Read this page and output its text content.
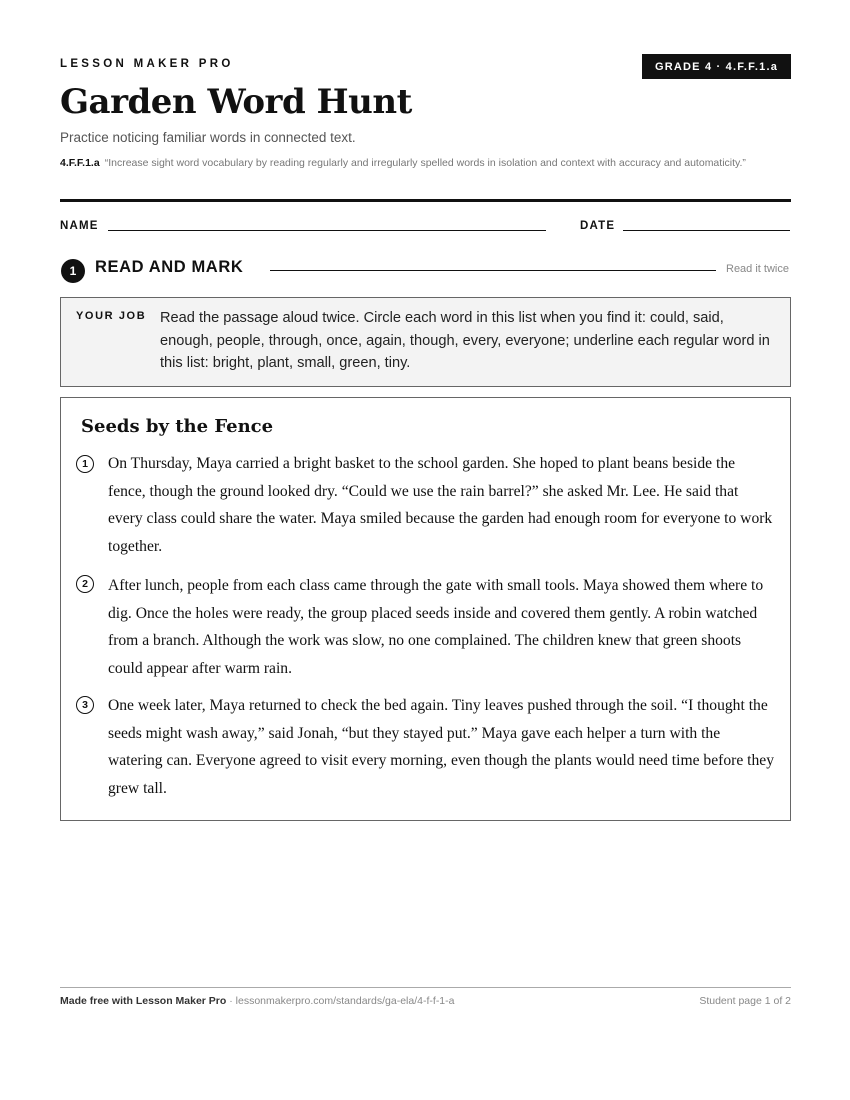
LESSON MAKER PRO	GRADE 4 · 4.F.F.1.a
Garden Word Hunt
Practice noticing familiar words in connected text.
4.F.F.1.a “Increase sight word vocabulary by reading regularly and irregularly spelled words in isolation and context with accuracy and automaticity.”
NAME	DATE
1	READ AND MARK	Read it twice
YOUR JOB Read the passage aloud twice. Circle each word in this list when you find it: could, said, enough, people, through, once, again, though, every, everyone; underline each regular word in this list: bright, plant, small, green, tiny.
Seeds by the Fence
1	On Thursday, Maya carried a bright basket to the school garden. She hoped to plant beans beside the fence, though the ground looked dry. “Could we use the rain barrel?” she asked Mr. Lee. He said that every class could share the water. Maya smiled because the garden had enough room for everyone to work together.

2	After lunch, people from each class came through the gate with small tools. Maya showed them where to dig. Once the holes were ready, the group placed seeds inside and covered them gently. A robin watched from a branch. Although the work was slow, no one complained. The children knew that green shoots could appear after warm rain.

3	One week later, Maya returned to check the bed again. Tiny leaves pushed through the soil. “I thought the seeds might wash away,” said Jonah, “but they stayed put.” Maya gave each helper a turn with the watering can. Everyone agreed to visit every morning, even though the plants would need time before they grew tall.

Made free with Lesson Maker Pro · lessonmakerpro.com/standards/ga-ela/4-f-f-1-a	Student page 1 of 2
